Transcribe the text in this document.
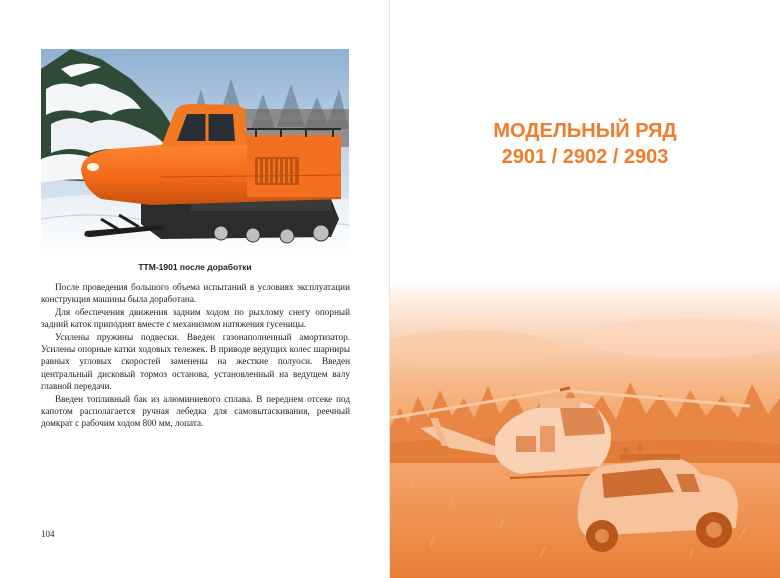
ТТМ-1901 после доработки

После проведения большого объема испытаний в условиях эксплуатации конструкция машины была доработана.

Для обеспечения движения задним ходом по рыхлому снегу опорный задний каток приподнят вместе с механизмом натяжения гусеницы.

Усилены пружины подвески. Введен газонаполненный амортизатор. Усилены опорные катки ходовых тележек. В приводе ведущих колес шарниры равных угловых скоростей заменены на жесткие полуоси. Введен центральный дисковый тормоз останова, установленный на ведущем валу главной передачи.

Введен топливный бак из алюминиевого сплава. В переднем отсеке под капотом располагается ручная лебедка для самовытаскивания, реечный домкрат с рабочим ходом 800 мм, лопата.

104
МОДЕЛЬНЫЙ РЯД
2901 / 2902 / 2903
